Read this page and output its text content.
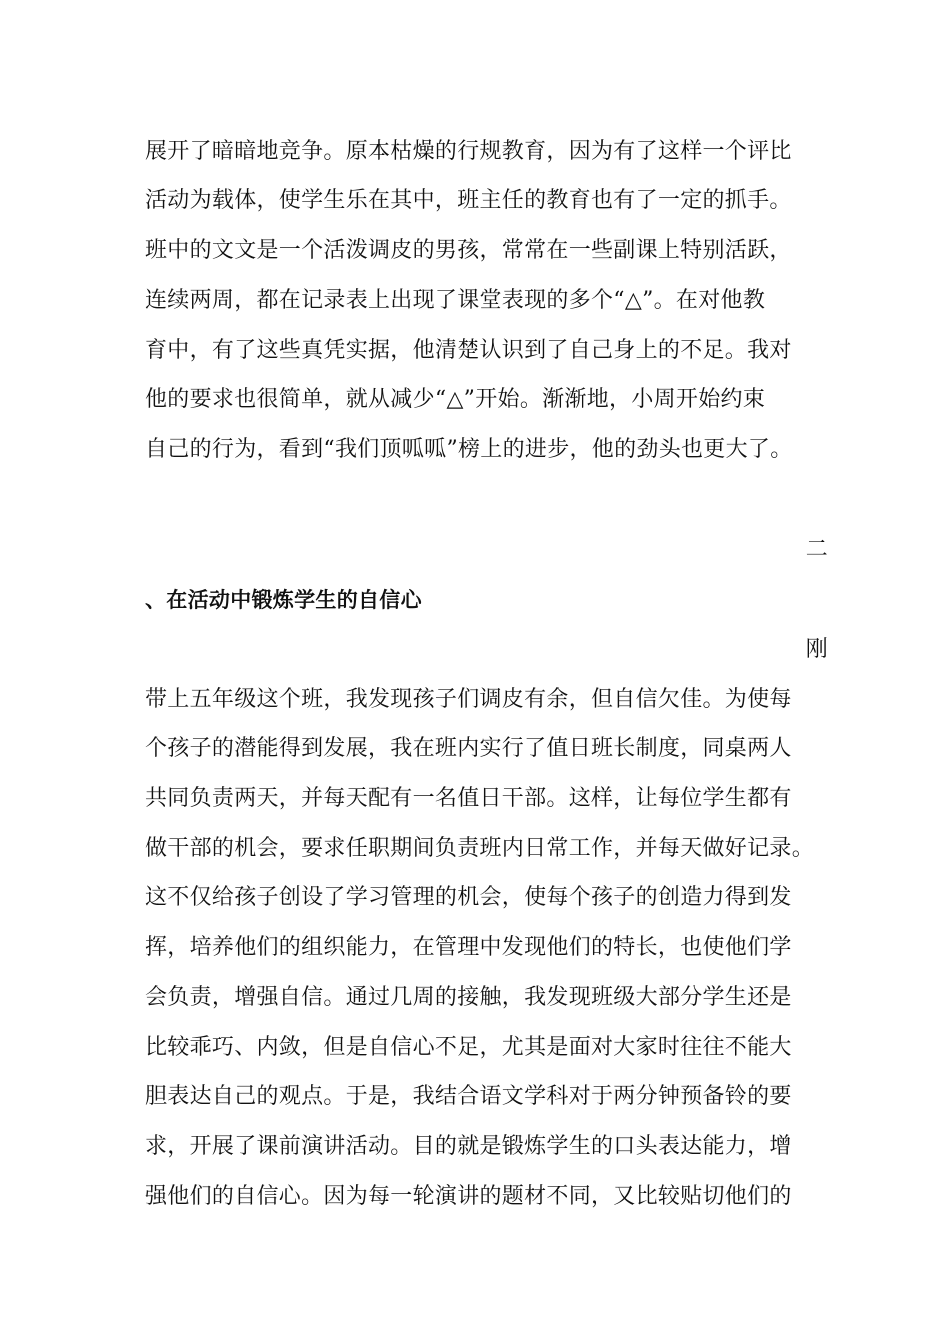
展开了暗暗地竞争。原本枯燥的行规教育，因为有了这样一个评比
活动为载体，使学生乐在其中，班主任的教育也有了一定的抓手。
班中的文文是一个活泼调皮的男孩，常常在一些副课上特别活跃，
连续两周，都在记录表上出现了课堂表现的多个“△”。在对他教
育中，有了这些真凭实据，他清楚认识到了自己身上的不足。我对
他的要求也很简单，就从减少“△”开始。渐渐地，小周开始约束
自己的行为，看到“我们顶呱呱”榜上的进步，他的劲头也更大了。
二
、在活动中锻炼学生的自信心
刚
带上五年级这个班，我发现孩子们调皮有余，但自信欠佳。为使每
个孩子的潜能得到发展，我在班内实行了值日班长制度，同桌两人
共同负责两天，并每天配有一名值日干部。这样，让每位学生都有
做干部的机会，要求任职期间负责班内日常工作，并每天做好记录。
这不仅给孩子创设了学习管理的机会，使每个孩子的创造力得到发
挥，培养他们的组织能力，在管理中发现他们的特长，也使他们学
会负责，增强自信。通过几周的接触，我发现班级大部分学生还是
比较乖巧、内敛，但是自信心不足，尤其是面对大家时往往不能大
胆表达自己的观点。于是，我结合语文学科对于两分钟预备铃的要
求，开展了课前演讲活动。目的就是锻炼学生的口头表达能力，增
强他们的自信心。因为每一轮演讲的题材不同，又比较贴切他们的
